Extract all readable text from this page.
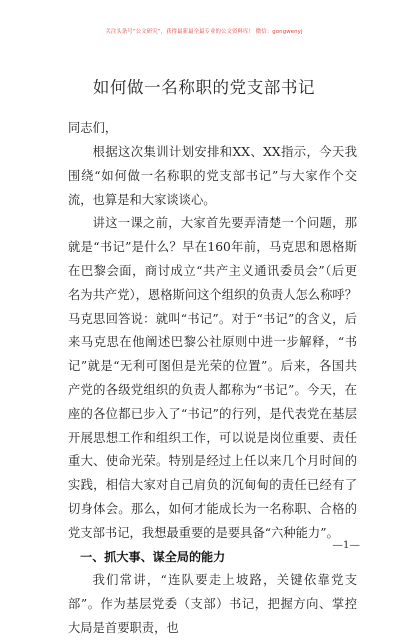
关注头条号“公文研究”，获得最新最全最专业的公文资料库！ 微信：gongwenyj
如何做一名称职的党支部书记
同志们，

根据这次集训计划安排和XX、XX指示，今天我围绕“如何做一名称职的党支部书记”与大家作个交流，也算是和大家谈谈心。

讲这一课之前，大家首先要弄清楚一个问题，那就是“书记”是什么？早在160年前，马克思和恩格斯在巴黎会面，商讨成立“共产主义通讯委员会”（后更名为共产党），恩格斯问这个组织的负责人怎么称呼？马克思回答说：就叫“书记”。对于“书记”的含义，后来马克思在他阐述巴黎公社原则中进一步解释，“书记”就是“无利可图但是光荣的位置”。后来，各国共产党的各级党组织的负责人都称为“书记”。今天，在座的各位都已步入了“书记”的行列，是代表党在基层开展思想工作和组织工作，可以说是岗位重要、责任重大、使命光荣。特别是经过上任以来几个月时间的实践，相信大家对自己肩负的沉甸甸的责任已经有了切身体会。那么，如何才能成长为一名称职、合格的党支部书记，我想最重要的是要具备“六种能力”。

一、抓大事、谋全局的能力

我们常讲，“连队要走上坡路，关键依靠党支部”。作为基层党委（支部）书记，把握方向、掌控大局是首要职责，也

—1—
